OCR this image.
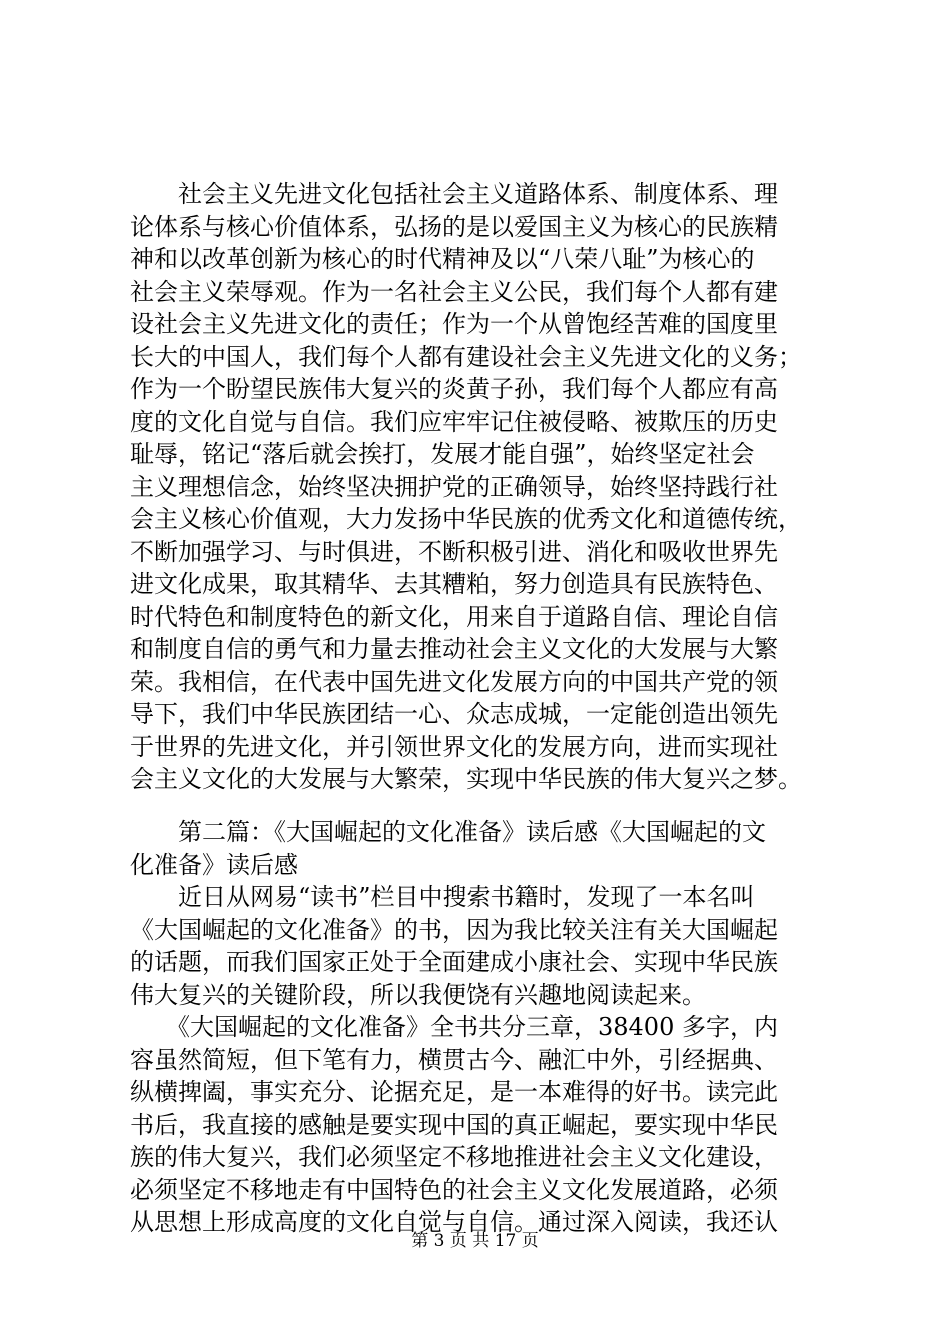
　　社会主义先进文化包括社会主义道路体系、制度体系、理

论体系与核心价值体系，弘扬的是以爱国主义为核心的民族精

神和以改革创新为核心的时代精神及以“八荣八耻”为核心的

社会主义荣辱观。作为一名社会主义公民，我们每个人都有建

设社会主义先进文化的责任；作为一个从曾饱经苦难的国度里

长大的中国人，我们每个人都有建设社会主义先进文化的义务；

作为一个盼望民族伟大复兴的炎黄子孙，我们每个人都应有高

度的文化自觉与自信。我们应牢牢记住被侵略、被欺压的历史

耻辱，铭记“落后就会挨打，发展才能自强”，始终坚定社会

主义理想信念，始终坚决拥护党的正确领导，始终坚持践行社

会主义核心价值观，大力发扬中华民族的优秀文化和道德传统，

不断加强学习、与时俱进，不断积极引进、消化和吸收世界先

进文化成果，取其精华、去其糟粕，努力创造具有民族特色、

时代特色和制度特色的新文化，用来自于道路自信、理论自信

和制度自信的勇气和力量去推动社会主义文化的大发展与大繁

荣。我相信，在代表中国先进文化发展方向的中国共产党的领

导下，我们中华民族团结一心、众志成城，一定能创造出领先

于世界的先进文化，并引领世界文化的发展方向，进而实现社

会主义文化的大发展与大繁荣，实现中华民族的伟大复兴之梦。

　　第二篇：《大国崛起的文化准备》读后感《大国崛起的文

化准备》读后感

　　近日从网易“读书”栏目中搜索书籍时，发现了一本名叫

《大国崛起的文化准备》的书，因为我比较关注有关大国崛起

的话题，而我们国家正处于全面建成小康社会、实现中华民族

伟大复兴的关键阶段，所以我便饶有兴趣地阅读起来。

　　《大国崛起的文化准备》全书共分三章，38400 多字，内

容虽然简短，但下笔有力，横贯古今、融汇中外，引经据典、

纵横捭阖，事实充分、论据充足，是一本难得的好书。读完此

书后，我直接的感触是要实现中国的真正崛起，要实现中华民

族的伟大复兴，我们必须坚定不移地推进社会主义文化建设，

必须坚定不移地走有中国特色的社会主义文化发展道路，必须

从思想上形成高度的文化自觉与自信。通过深入阅读，我还认

第 3 页 共 17 页
